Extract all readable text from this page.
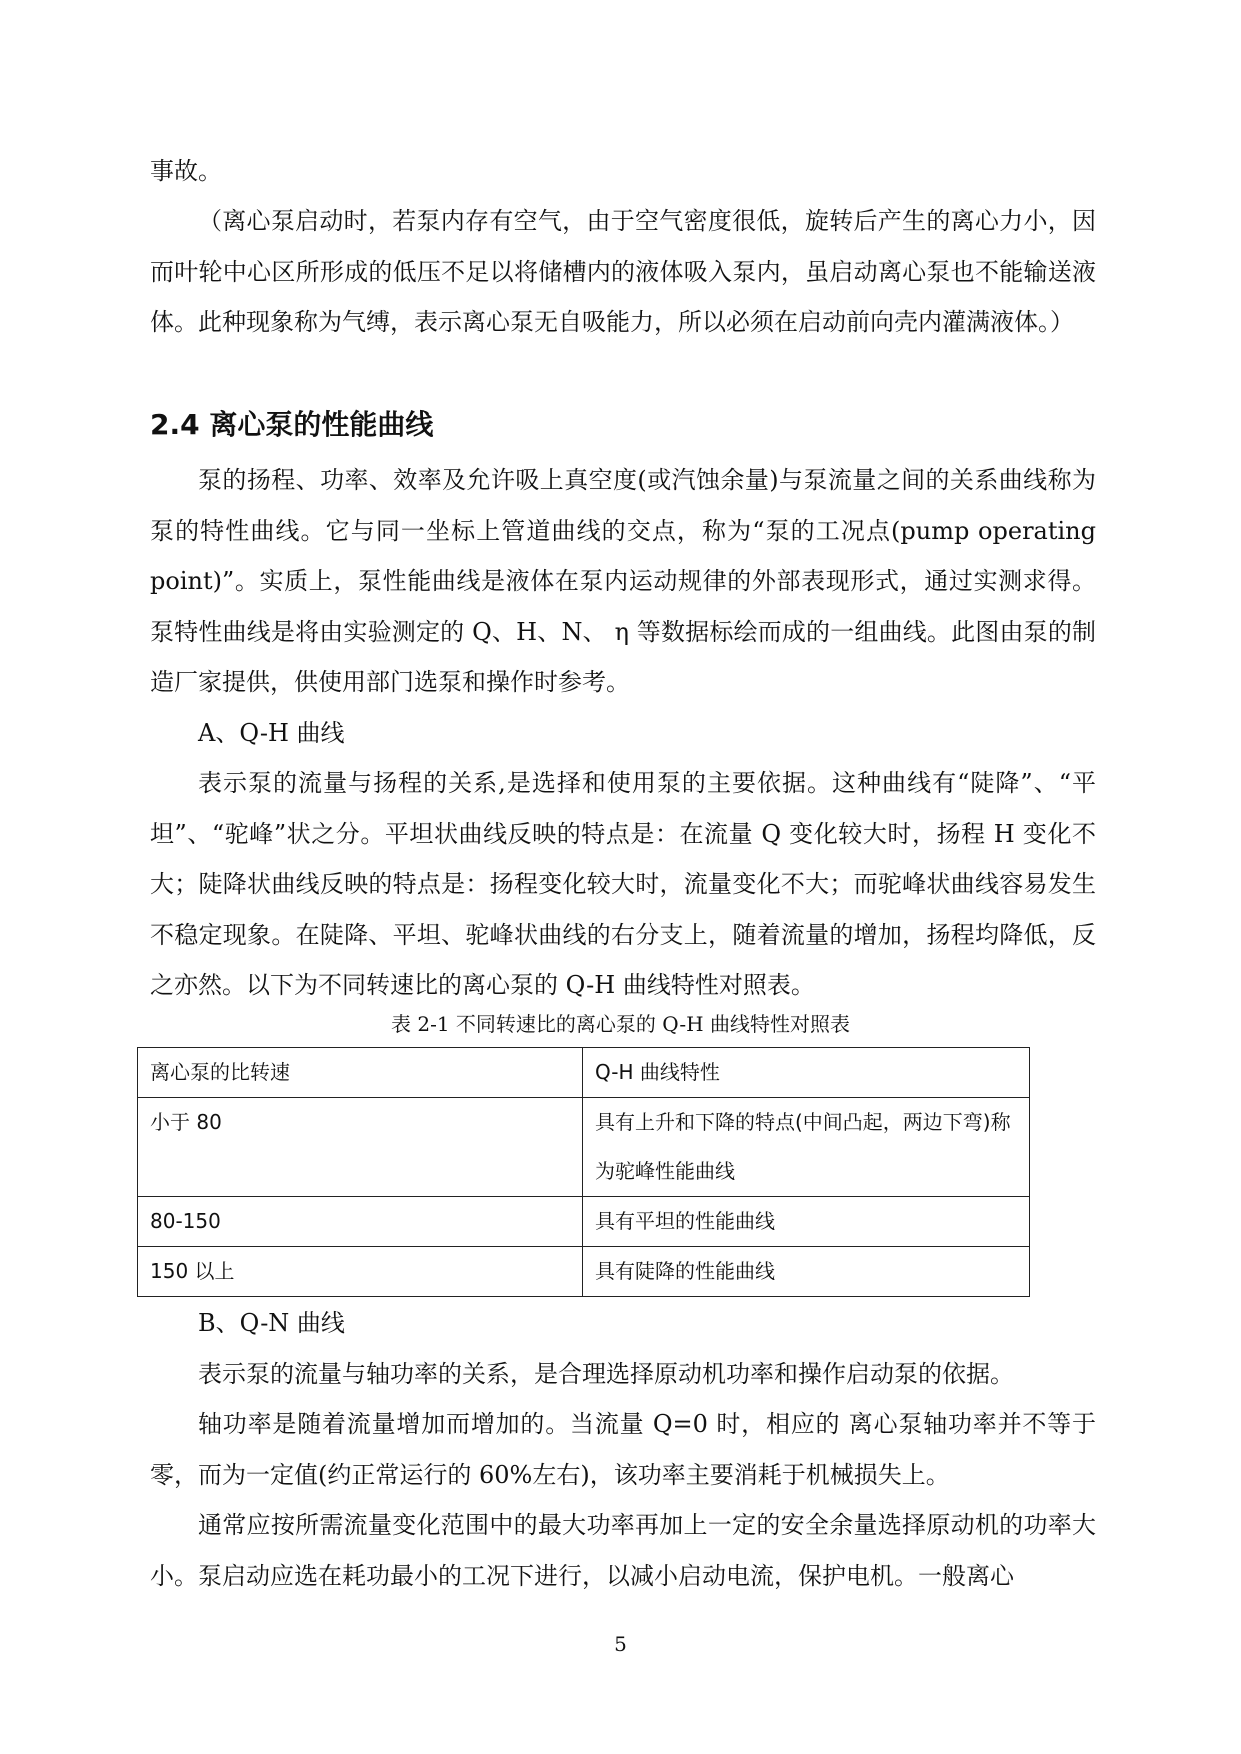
事故。

（离心泵启动时，若泵内存有空气，由于空气密度很低，旋转后产生的离心力小，因而叶轮中心区所形成的低压不足以将储槽内的液体吸入泵内，虽启动离心泵也不能输送液体。此种现象称为气缚，表示离心泵无自吸能力，所以必须在启动前向壳内灌满液体。）

2.4 离心泵的性能曲线

泵的扬程、功率、效率及允许吸上真空度(或汽蚀余量)与泵流量之间的关系曲线称为泵的特性曲线。它与同一坐标上管道曲线的交点，称为“泵的工况点(pump operating point)”。实质上，泵性能曲线是液体在泵内运动规律的外部表现形式，通过实测求得。泵特性曲线是将由实验测定的 Q、H、N、 η 等数据标绘而成的一组曲线。此图由泵的制造厂家提供，供使用部门选泵和操作时参考。

A、Q-H 曲线

表示泵的流量与扬程的关系,是选择和使用泵的主要依据。这种曲线有“陡降”、“平坦”、“驼峰”状之分。平坦状曲线反映的特点是：在流量 Q 变化较大时，扬程 H 变化不大；陡降状曲线反映的特点是：扬程变化较大时，流量变化不大；而驼峰状曲线容易发生不稳定现象。在陡降、平坦、驼峰状曲线的右分支上，随着流量的增加，扬程均降低，反之亦然。以下为不同转速比的离心泵的 Q-H 曲线特性对照表。

表 2-1 不同转速比的离心泵的 Q-H 曲线特性对照表
离心泵的比转速	Q-H 曲线特性
小于 80	具有上升和下降的特点(中间凸起，两边下弯)称为驼峰性能曲线
80-150	具有平坦的性能曲线
150 以上	具有陡降的性能曲线

B、Q-N 曲线

表示泵的流量与轴功率的关系，是合理选择原动机功率和操作启动泵的依据。

轴功率是随着流量增加而增加的。当流量 Q=0 时，相应的 离心泵轴功率并不等于零，而为一定值(约正常运行的 60%左右)，该功率主要消耗于机械损失上。

通常应按所需流量变化范围中的最大功率再加上一定的安全余量选择原动机的功率大小。泵启动应选在耗功最小的工况下进行，以减小启动电流，保护电机。一般离心

5
